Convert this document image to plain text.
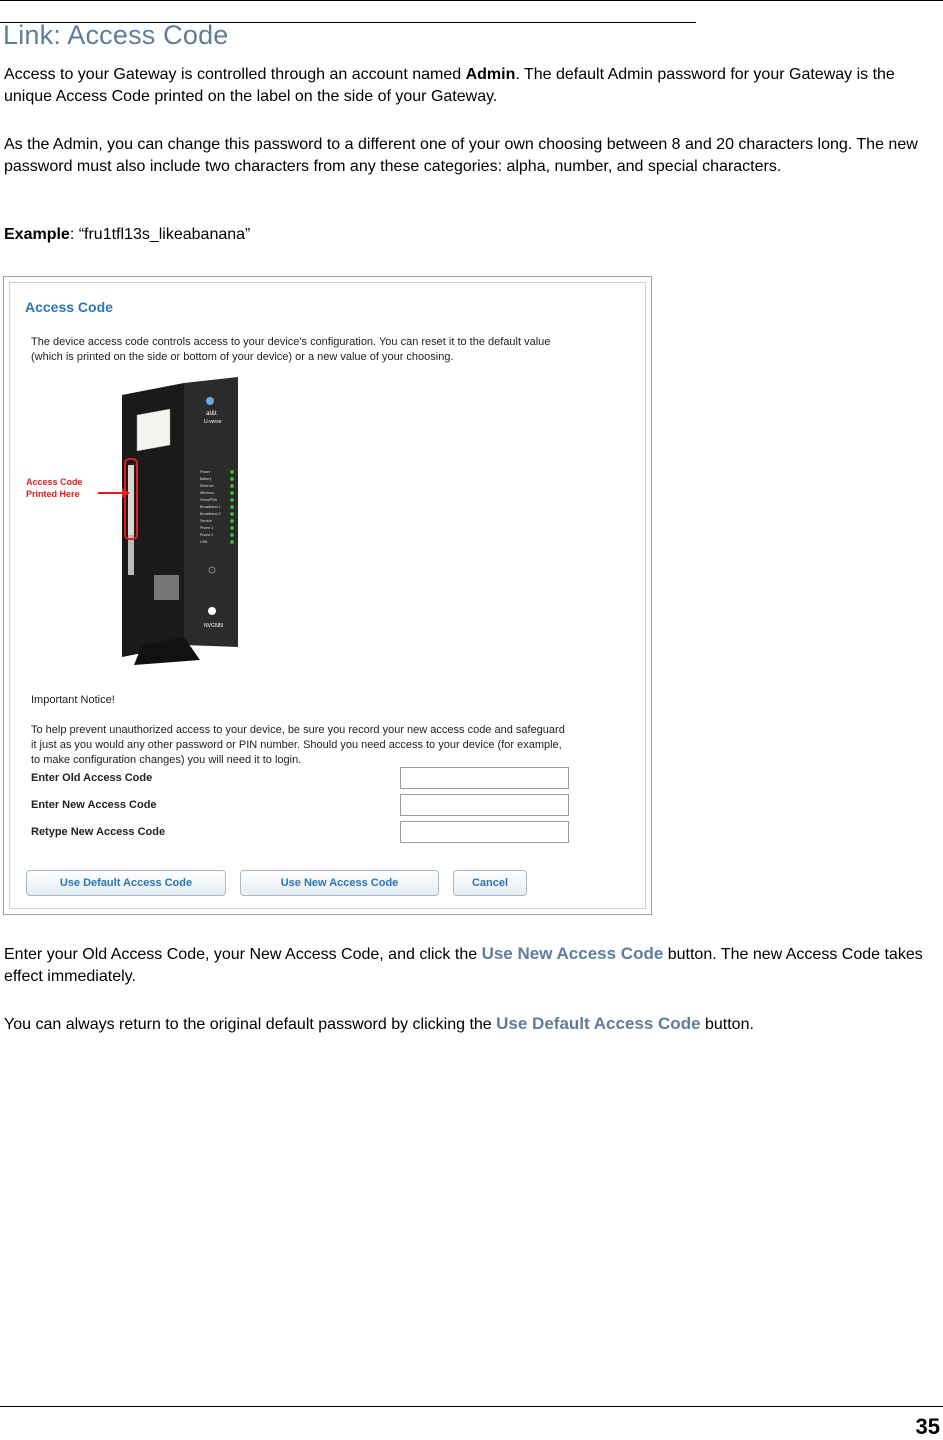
Link: Access Code

Access to your Gateway is controlled through an account named Admin. The default Admin password for your Gateway is the unique Access Code printed on the label on the side of your Gateway.

As the Admin, you can change this password to a different one of your own choosing between 8 and 20 characters long. The new password must also include two characters from any these categories: alpha, number, and special characters.

Example: “fru1tfl13s_likeabanana”

Access Code
The device access code controls access to your device's configuration. You can reset it to the default value
(which is printed on the side or bottom of your device) or a new value of your choosing.
at&t
U-verse
Power
Battery
Ethernet
Wireless
HomePNA
Broadband 1
Broadband 2
Service
Phone 1
Phone 2
USB
NVG589
Access Code
Printed Here
Important Notice!
To help prevent unauthorized access to your device, be sure you record your new access code and safeguard
it just as you would any other password or PIN number. Should you need access to your device (for example,
to make configuration changes) you will need it to login.
Enter Old Access Code
Enter New Access Code
Retype New Access Code
Use Default Access Code	Use New Access Code	Cancel

Enter your Old Access Code, your New Access Code, and click the Use New Access Code button. The new Access Code takes effect immediately.

You can always return to the original default password by clicking the Use Default Access Code button.

35
